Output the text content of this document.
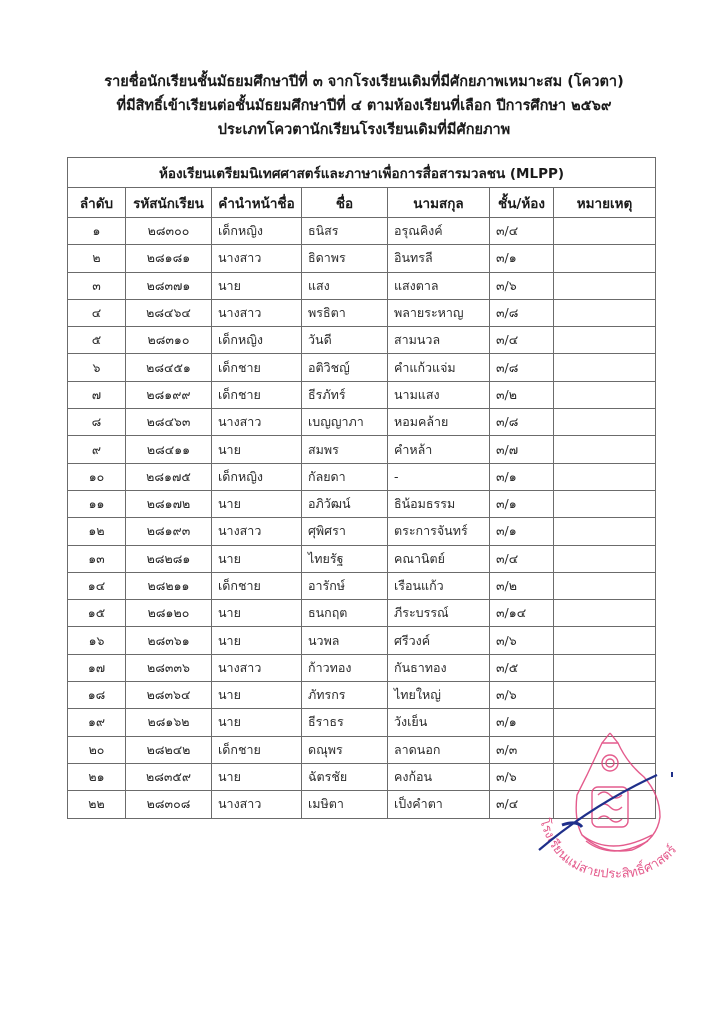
รายชื่อนักเรียนชั้นมัธยมศึกษาปีที่ ๓ จากโรงเรียนเดิมที่มีศักยภาพเหมาะสม (โควตา)
ที่มีสิทธิ์เข้าเรียนต่อชั้นมัธยมศึกษาปีที่ ๔ ตามห้องเรียนที่เลือก ปีการศึกษา ๒๕๖๙
ประเภทโควตานักเรียนโรงเรียนเดิมที่มีศักยภาพ
ห้องเรียนเตรียมนิเทศศาสตร์และภาษาเพื่อการสื่อสารมวลชน (MLPP)						
ลำดับ	รหัสนักเรียน	คำนำหน้าชื่อ	ชื่อ	นามสกุล	ชั้น/ห้อง	หมายเหตุ
๑	๒๘๓๐๐	เด็กหญิง	ธนิสร	อรุณคิงค์	๓/๔	
๒	๒๘๑๘๑	นางสาว	ธิดาพร	อินทรลี	๓/๑	
๓	๒๘๓๗๑	นาย	แสง	แสงตาล	๓/๖	
๔	๒๘๔๖๔	นางสาว	พรธิตา	พลายระหาญ	๓/๘	
๕	๒๘๓๑๐	เด็กหญิง	วันดี	สามนวล	๓/๔	
๖	๒๘๔๕๑	เด็กชาย	อติวิชญ์	คำแก้วแจ่ม	๓/๘	
๗	๒๘๑๙๙	เด็กชาย	ธีรภัทร์	นามแสง	๓/๒	
๘	๒๘๔๖๓	นางสาว	เบญญาภา	หอมคล้าย	๓/๘	
๙	๒๘๔๑๑	นาย	สมพร	คำหล้า	๓/๗	
๑๐	๒๘๑๗๕	เด็กหญิง	กัลยดา	-	๓/๑	
๑๑	๒๘๑๗๒	นาย	อภิวัฒน์	ธิน้อมธรรม	๓/๑	
๑๒	๒๘๑๙๓	นางสาว	ศุพิศรา	ตระการจันทร์	๓/๑	
๑๓	๒๘๒๘๑	นาย	ไทยรัฐ	คณานิตย์	๓/๔	
๑๔	๒๘๒๑๑	เด็กชาย	อารักษ์	เรือนแก้ว	๓/๒	
๑๕	๒๘๑๒๐	นาย	ธนกฤต	ภีระบรรณ์	๓/๑๔	
๑๖	๒๘๓๖๑	นาย	นวพล	ศรีวงค์	๓/๖	
๑๗	๒๘๓๓๖	นางสาว	ก้าวทอง	กันธาทอง	๓/๕	
๑๘	๒๘๓๖๔	นาย	ภัทรกร	ไทยใหญ่	๓/๖	
๑๙	๒๘๑๖๒	นาย	ธีราธร	วังเย็น	๓/๑	
๒๐	๒๘๒๔๒	เด็กชาย	ดณุพร	ลาดนอก	๓/๓	
๒๑	๒๘๓๕๙	นาย	ฉัตรชัย	คงก้อน	๓/๖	
๒๒	๒๘๓๐๘	นางสาว	เมษิตา	เป็งคำตา	๓/๔	
โรงเรียนแม่สายประสิทธิ์ศาสตร์
